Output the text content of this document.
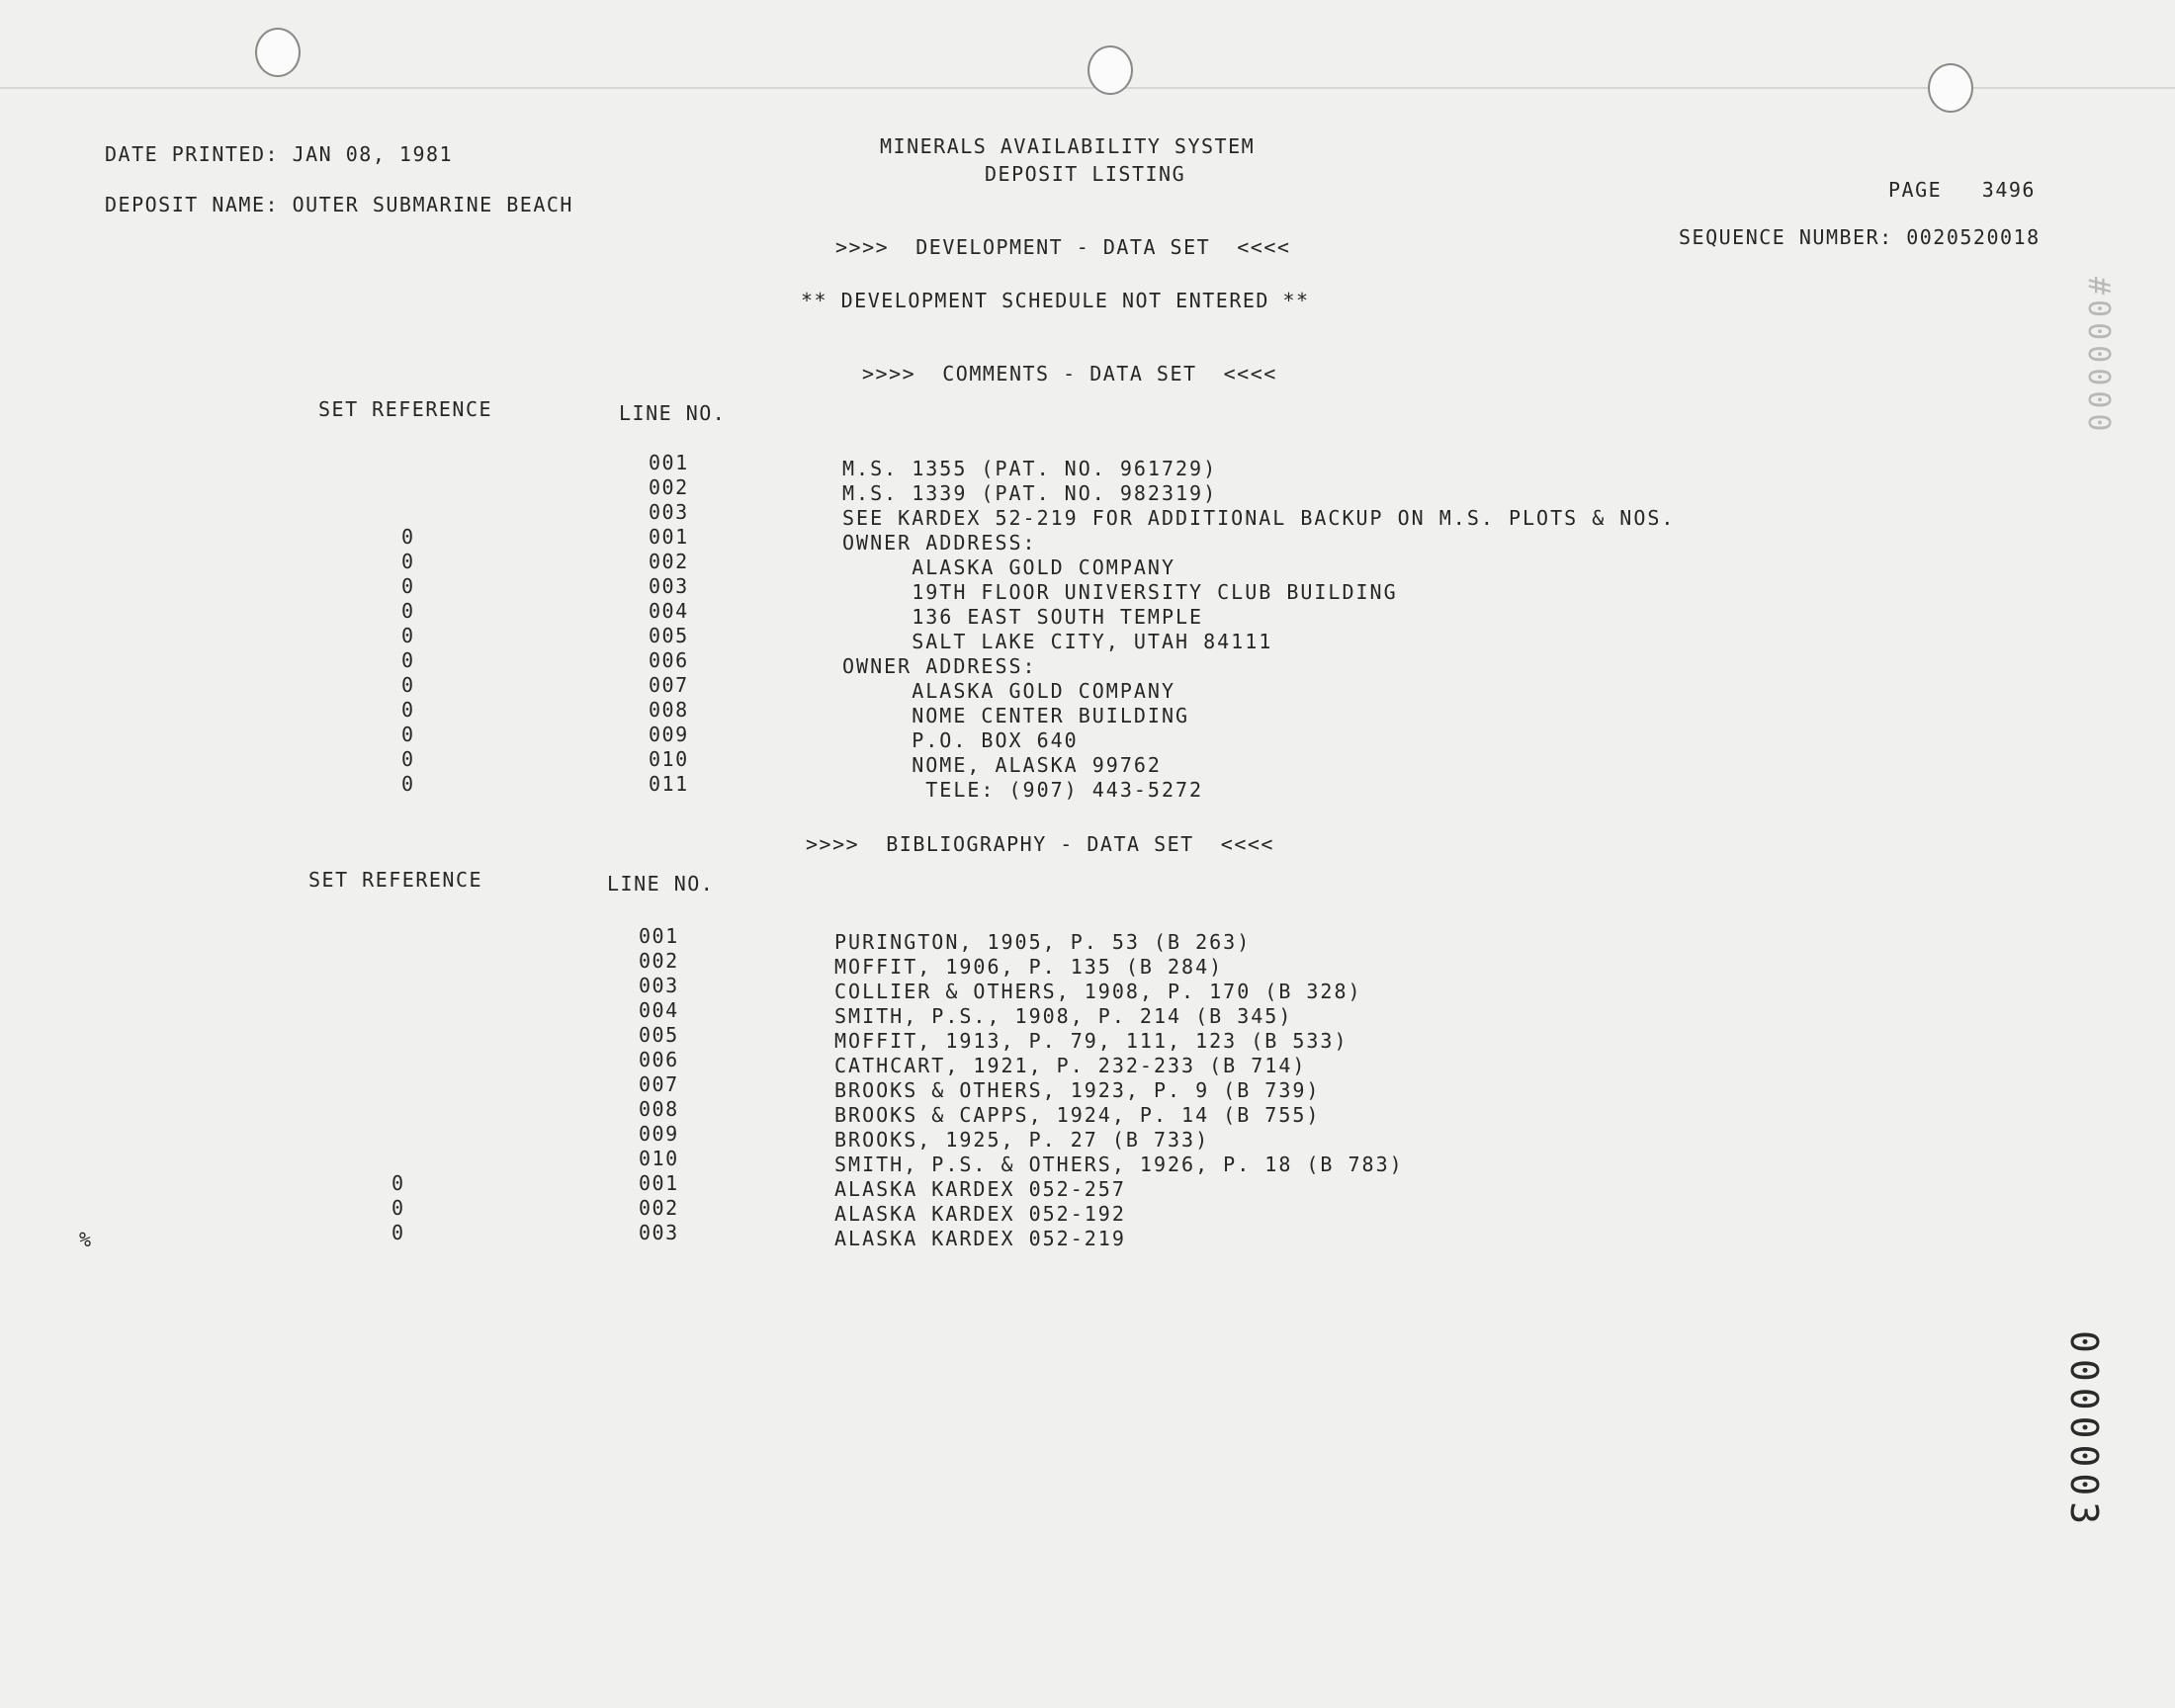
DATE PRINTED: JAN 08, 1981
DEPOSIT NAME: OUTER SUBMARINE BEACH
MINERALS AVAILABILITY SYSTEM
DEPOSIT LISTING
PAGE   3496
SEQUENCE NUMBER: 0020520018
>>>>  DEVELOPMENT - DATA SET  <<<<
** DEVELOPMENT SCHEDULE NOT ENTERED **
>>>>  COMMENTS - DATA SET  <<<<
SET REFERENCE	LINE NO.
0
0
0
0
0
0
0
0
0
0
0
001
002
003
001
002
003
004
005
006
007
008
009
010
011
M.S. 1355 (PAT. NO. 961729)
M.S. 1339 (PAT. NO. 982319)
SEE KARDEX 52-219 FOR ADDITIONAL BACKUP ON M.S. PLOTS & NOS.
OWNER ADDRESS:
ALASKA GOLD COMPANY
19TH FLOOR UNIVERSITY CLUB BUILDING
136 EAST SOUTH TEMPLE
SALT LAKE CITY, UTAH 84111
OWNER ADDRESS:
ALASKA GOLD COMPANY
NOME CENTER BUILDING
P.O. BOX 640
NOME, ALASKA 99762
TELE: (907) 443-5272
>>>>  BIBLIOGRAPHY - DATA SET  <<<<
SET REFERENCE	LINE NO.
0
0
0
001
002
003
004
005
006
007
008
009
010
001
002
003
PURINGTON, 1905, P. 53 (B 263)
MOFFIT, 1906, P. 135 (B 284)
COLLIER & OTHERS, 1908, P. 170 (B 328)
SMITH, P.S., 1908, P. 214 (B 345)
MOFFIT, 1913, P. 79, 111, 123 (B 533)
CATHCART, 1921, P. 232-233 (B 714)
BROOKS & OTHERS, 1923, P. 9 (B 739)
BROOKS & CAPPS, 1924, P. 14 (B 755)
BROOKS, 1925, P. 27 (B 733)
SMITH, P.S. & OTHERS, 1926, P. 18 (B 783)
ALASKA KARDEX 052-257
ALASKA KARDEX 052-192
ALASKA KARDEX 052-219
%
0000003
#000000
